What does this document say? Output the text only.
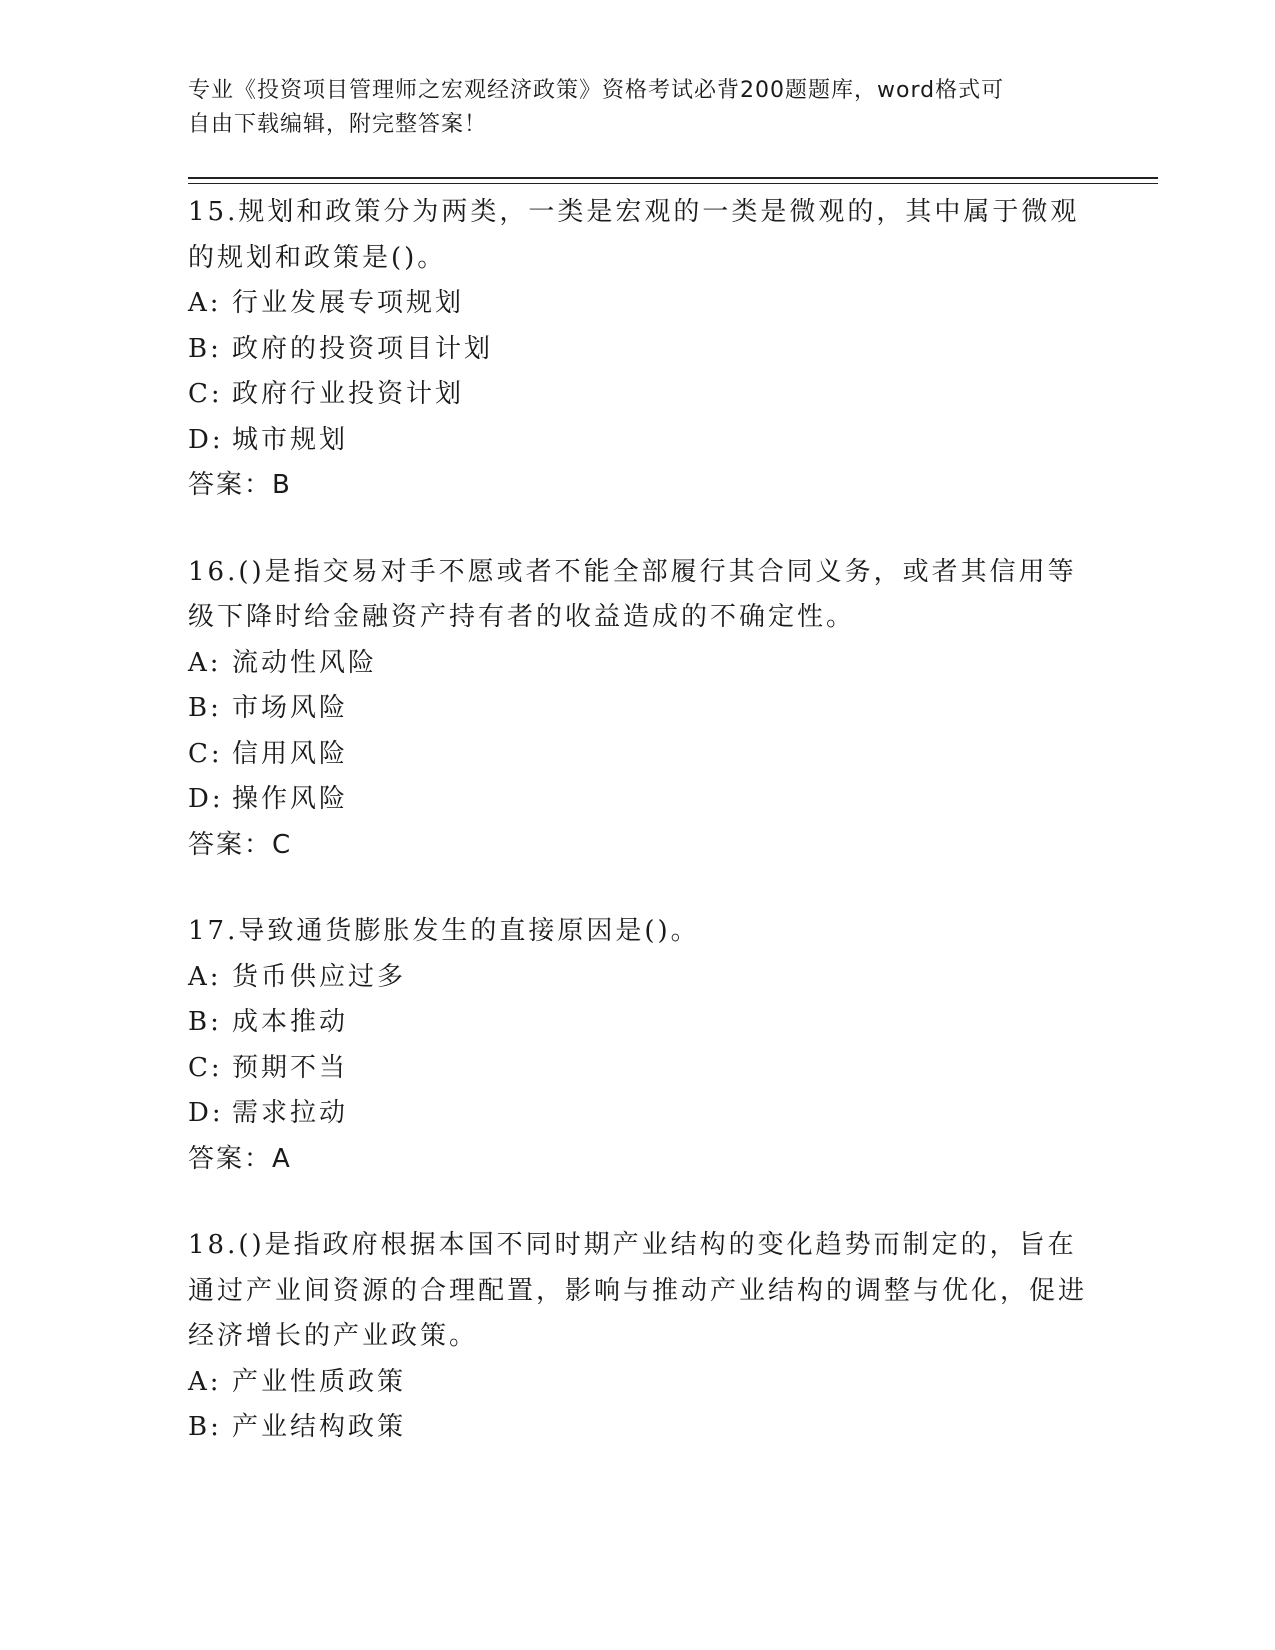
专业《投资项目管理师之宏观经济政策》资格考试必背200题题库，word格式可
自由下载编辑，附完整答案！

15.规划和政策分为两类，一类是宏观的一类是微观的，其中属于微观的规划和政策是()。

A: 行业发展专项规划

B: 政府的投资项目计划

C: 政府行业投资计划

D: 城市规划

答案：B

16.()是指交易对手不愿或者不能全部履行其合同义务，或者其信用等级下降时给金融资产持有者的收益造成的不确定性。

A: 流动性风险

B: 市场风险

C: 信用风险

D: 操作风险

答案：C

17.导致通货膨胀发生的直接原因是()。

A: 货币供应过多

B: 成本推动

C: 预期不当

D: 需求拉动

答案：A

18.()是指政府根据本国不同时期产业结构的变化趋势而制定的，旨在通过产业间资源的合理配置，影响与推动产业结构的调整与优化，促进经济增长的产业政策。

A: 产业性质政策

B: 产业结构政策
